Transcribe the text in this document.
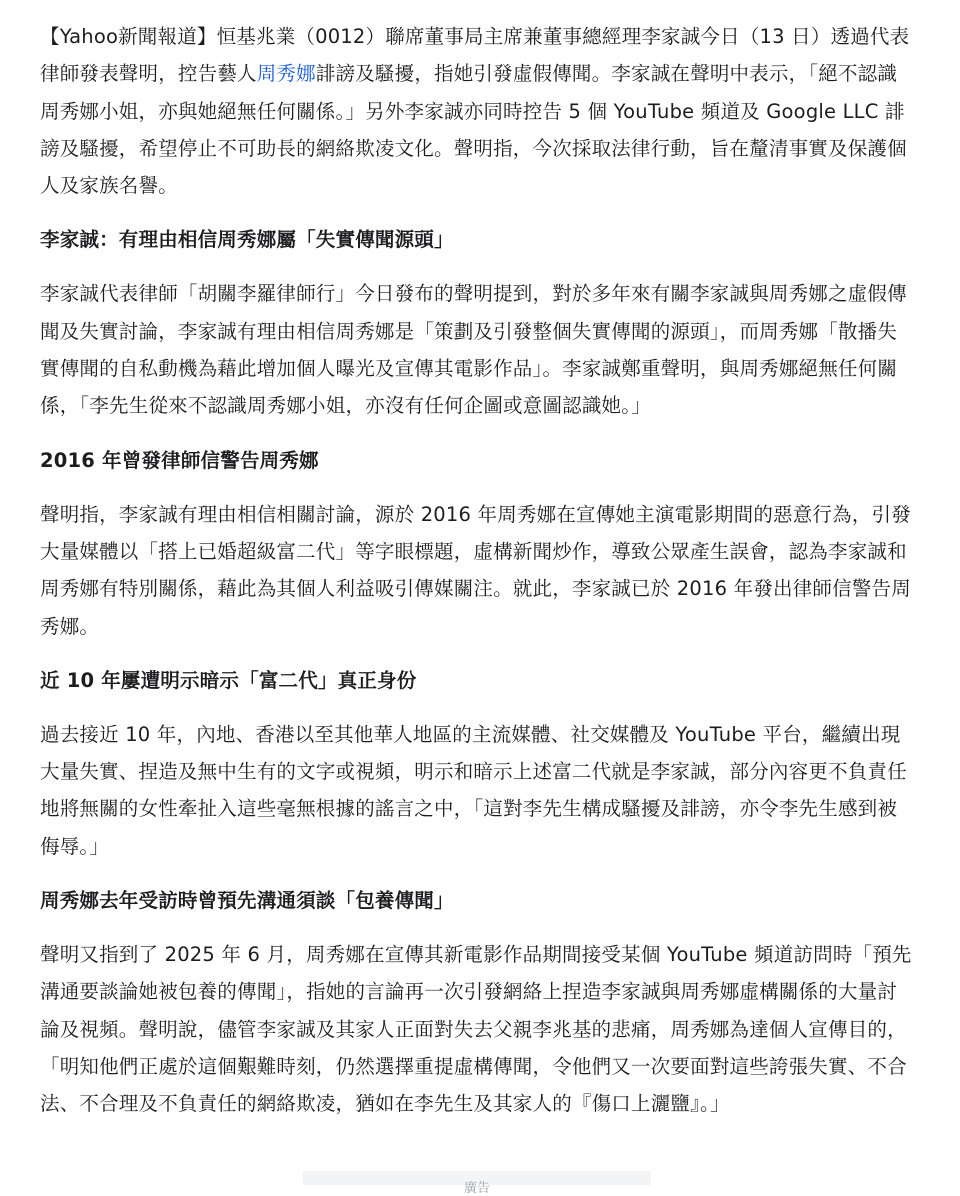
【Yahoo新聞報道】恒基兆業（0012）聯席董事局主席兼董事總經理李家誠今日（13 日）透過代表律師發表聲明，控告藝人周秀娜誹謗及騷擾，指她引發虛假傳聞。李家誠在聲明中表示，「絕不認識周秀娜小姐，亦與她絕無任何關係。」另外李家誠亦同時控告 5 個 YouTube 頻道及 Google LLC 誹謗及騷擾，希望停止不可助長的網絡欺凌文化。聲明指，今次採取法律行動，旨在釐清事實及保護個人及家族名譽。

李家誠：有理由相信周秀娜屬「失實傳聞源頭」

李家誠代表律師「胡關李羅律師行」今日發布的聲明提到，對於多年來有關李家誠與周秀娜之虛假傳聞及失實討論，李家誠有理由相信周秀娜是「策劃及引發整個失實傳聞的源頭」，而周秀娜「散播失實傳聞的自私動機為藉此增加個人曝光及宣傳其電影作品」。李家誠鄭重聲明，與周秀娜絕無任何關係，「李先生從來不認識周秀娜小姐，亦沒有任何企圖或意圖認識她。」

2016 年曾發律師信警告周秀娜

聲明指，李家誠有理由相信相關討論，源於 2016 年周秀娜在宣傳她主演電影期間的惡意行為，引發大量媒體以「搭上已婚超級富二代」等字眼標題，虛構新聞炒作，導致公眾產生誤會，認為李家誠和周秀娜有特別關係，藉此為其個人利益吸引傳媒關注。就此，李家誠已於 2016 年發出律師信警告周秀娜。

近 10 年屢遭明示暗示「富二代」真正身份

過去接近 10 年，內地、香港以至其他華人地區的主流媒體、社交媒體及 YouTube 平台，繼續出現大量失實、捏造及無中生有的文字或視頻，明示和暗示上述富二代就是李家誠，部分內容更不負責任地將無關的女性牽扯入這些毫無根據的謠言之中，「這對李先生構成騷擾及誹謗，亦令李先生感到被侮辱。」

周秀娜去年受訪時曾預先溝通須談「包養傳聞」

聲明又指到了 2025 年 6 月，周秀娜在宣傳其新電影作品期間接受某個 YouTube 頻道訪問時「預先溝通要談論她被包養的傳聞」，指她的言論再一次引發網絡上捏造李家誠與周秀娜虛構關係的大量討論及視頻。聲明說，儘管李家誠及其家人正面對失去父親李兆基的悲痛，周秀娜為達個人宣傳目的，「明知他們正處於這個艱難時刻，仍然選擇重提虛構傳聞，令他們又一次要面對這些誇張失實、不合法、不合理及不負責任的網絡欺凌，猶如在李先生及其家人的『傷口上灑鹽』。」

廣告
